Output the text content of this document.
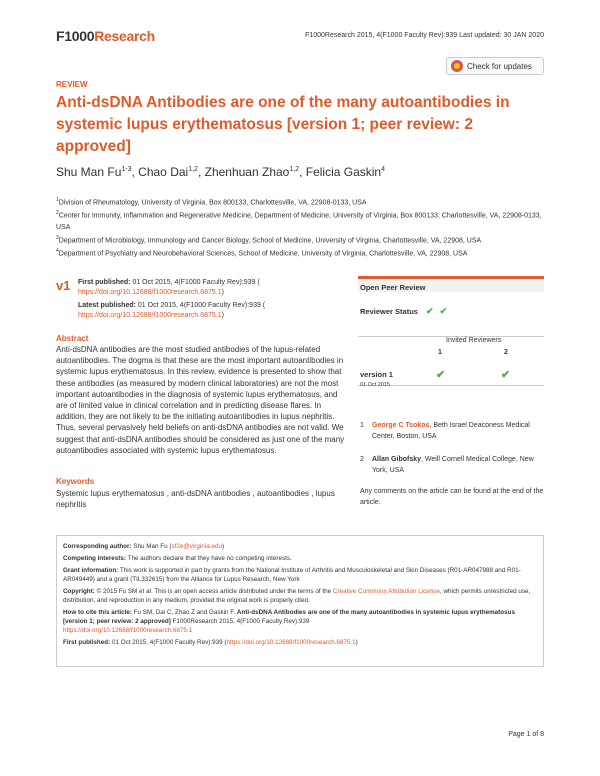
F1000Research	F1000Research 2015, 4(F1000 Faculty Rev):939 Last updated: 30 JAN 2020
Check for updates
REVIEW
Anti-dsDNA Antibodies are one of the many autoantibodies in systemic lupus erythematosus [version 1; peer review: 2 approved]
Shu Man Fu$^{1-3}$, Chao Dai$^{1,2}$, Zhenhuan Zhao$^{1,2}$, Felicia Gaskin$^4$
$^1$Division of Rheumatology, University of Virginia, Box 800133, Charlottesville, VA, 22908-0133, USA
$^2$Center for Immunity, Inflammation and Regenerative Medicine, Department of Medicine, University of Virginia, Box 800133, Charlottesville, VA, 22908-0133, USA
$^3$Department of Microbiology, Immunology and Cancer Biology, School of Medicine, University of Virginia, Charlottesville, VA, 22908, USA
$^4$Department of Psychiatry and Neurobehavioral Sciences, School of Medicine, University of Virginia, Charlottesville, VA, 22908, USA
v1 First published: 01 Oct 2015, 4(F1000 Faculty Rev):939 (
https://doi.org/10.12688/f1000research.6875.1)
Latest published: 01 Oct 2015, 4(F1000 Faculty Rev):939 (
https://doi.org/10.12688/f1000research.6875.1)
Abstract
Anti-dsDNA antibodies are the most studied antibodies of the lupus-related autoantibodies. The dogma is that these are the most important autoantibodies in systemic lupus erythematosus. In this review, evidence is presented to show that these antibodies (as measured by modern clinical laboratories) are not the most important autoantibodies in the diagnosis of systemic lupus erythematosus, and are of limited value in clinical correlation and in predicting disease flares. In addition, they are not likely to be the initiating autoantibodies in lupus nephritis. Thus, several pervasively held beliefs on anti-dsDNA antibodies are not valid. We suggest that anti-dsDNA antibodies should be considered as just one of the many autoantibodies associated with systemic lupus erythematosus.
Keywords
Systemic lupus erythematosus , anti-dsDNA antibodies , autoantibodies , lupus nephritis
Open Peer Review
Reviewer Status ✔ ✔
Invited Reviewers
1	2
version 1
01 Oct 2015
✔	✔
1 George C Tsokos, Beth Israel Deaconess Medical Center, Boston, USA
2 Allan Gibofsky, Weill Cornell Medical College, New York, USA
Any comments on the article can be found at the end of the article.

Corresponding author: Shu Man Fu (sf2e@virginia.edu)

Competing interests: The authors declare that they have no competing interests.

Grant information: This work is supported in part by grants from the National Institute of Arthritis and Musculoskeletal and Skin Diseases (R01-AR047988 and R01-AR049449) and a grant (TIL332615) from the Alliance for Lupus Research, New York

Copyright: © 2015 Fu SM et al. This is an open access article distributed under the terms of the Creative Commons Attribution License, which permits unrestricted use, distribution, and reproduction in any medium, provided the original work is properly cited.

How to cite this article: Fu SM, Dai C, Zhao Z and Gaskin F. Anti-dsDNA Antibodies are one of the many autoantibodies in systemic lupus erythematosus [version 1; peer review: 2 approved] F1000Research 2015, 4(F1000 Faculty Rev):939
https://doi.org/10.12688/f1000research.6875.1

First published: 01 Oct 2015, 4(F1000 Faculty Rev):939 (https://doi.org/10.12688/f1000research.6875.1)

Page 1 of 8
